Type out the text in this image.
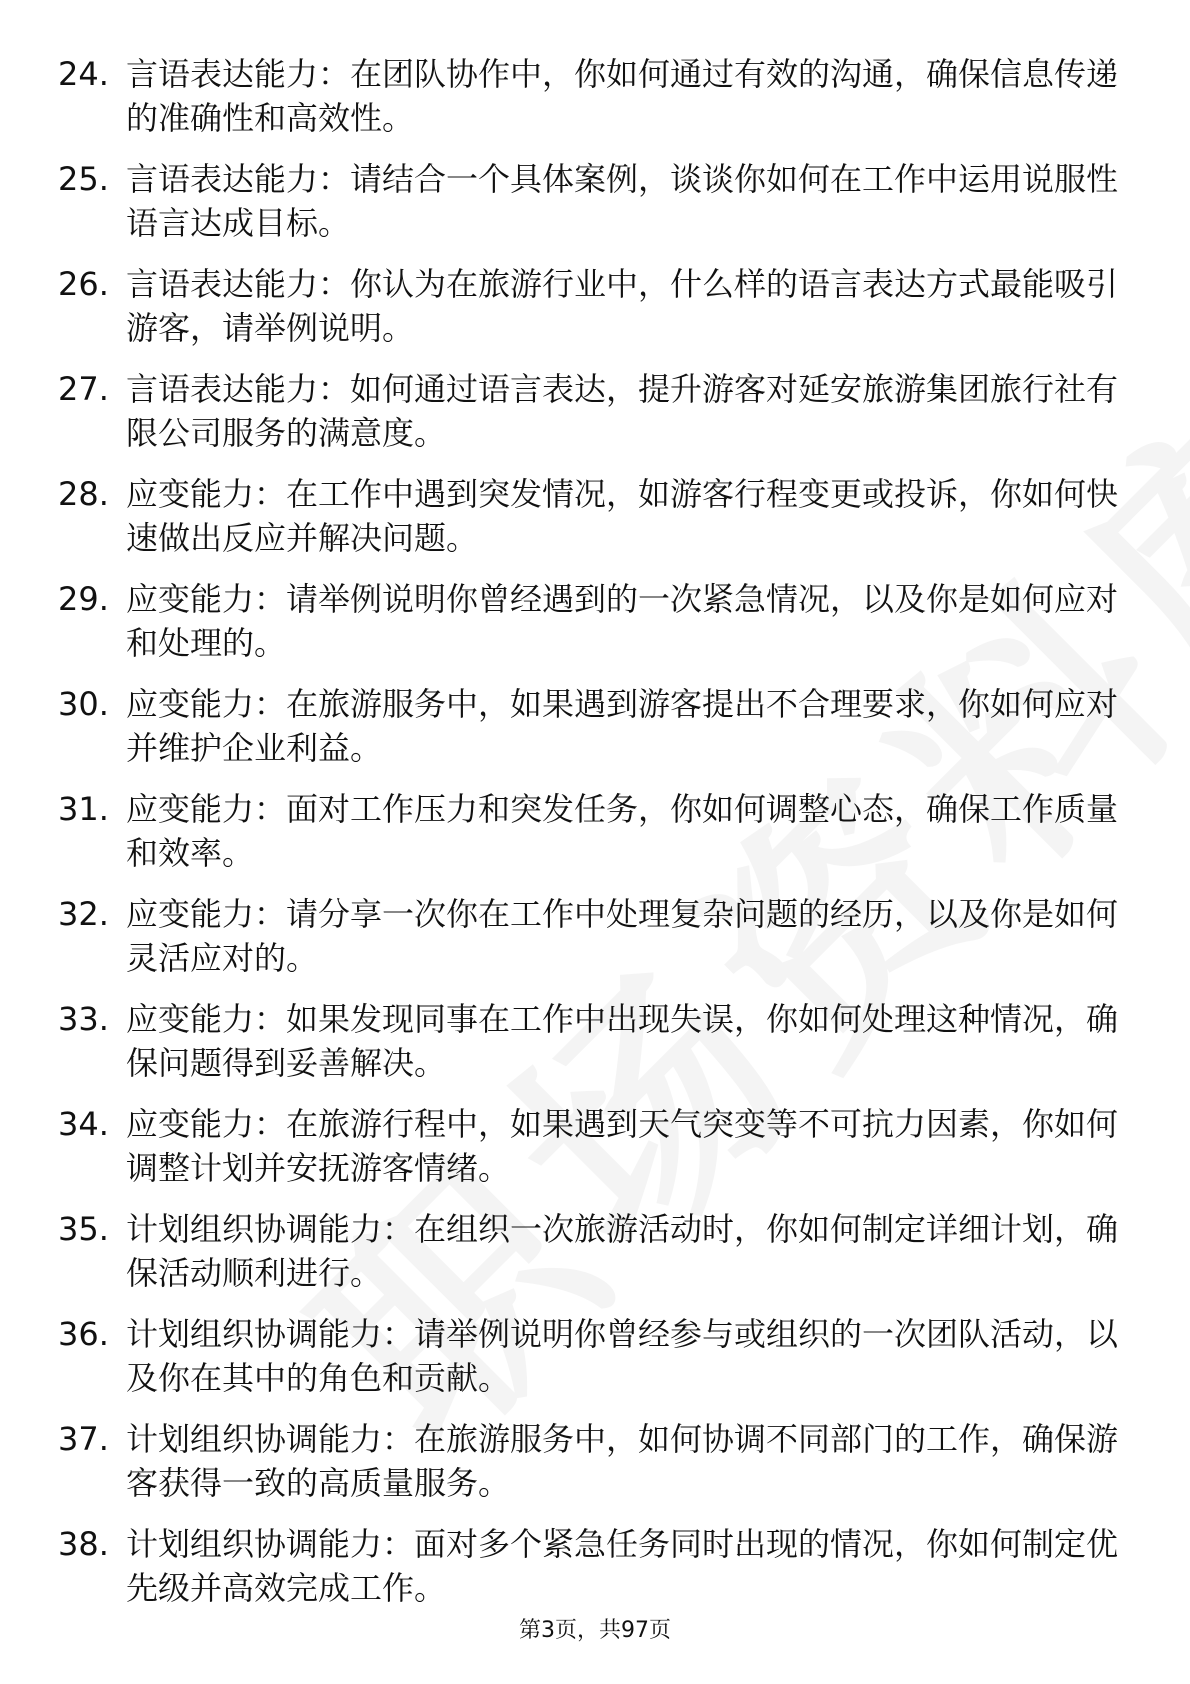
24. 言语表达能力：在团队协作中，你如何通过有效的沟通，确保信息传递的准确性和高效性。
25. 言语表达能力：请结合一个具体案例，谈谈你如何在工作中运用说服性语言达成目标。
26. 言语表达能力：你认为在旅游行业中，什么样的语言表达方式最能吸引游客，请举例说明。
27. 言语表达能力：如何通过语言表达，提升游客对延安旅游集团旅行社有限公司服务的满意度。
28. 应变能力：在工作中遇到突发情况，如游客行程变更或投诉，你如何快速做出反应并解决问题。
29. 应变能力：请举例说明你曾经遇到的一次紧急情况，以及你是如何应对和处理的。
30. 应变能力：在旅游服务中，如果遇到游客提出不合理要求，你如何应对并维护企业利益。
31. 应变能力：面对工作压力和突发任务，你如何调整心态，确保工作质量和效率。
32. 应变能力：请分享一次你在工作中处理复杂问题的经历，以及你是如何灵活应对的。
33. 应变能力：如果发现同事在工作中出现失误，你如何处理这种情况，确保问题得到妥善解决。
34. 应变能力：在旅游行程中，如果遇到天气突变等不可抗力因素，你如何调整计划并安抚游客情绪。
35. 计划组织协调能力：在组织一次旅游活动时，你如何制定详细计划，确保活动顺利进行。
36. 计划组织协调能力：请举例说明你曾经参与或组织的一次团队活动，以及你在其中的角色和贡献。
37. 计划组织协调能力：在旅游服务中，如何协调不同部门的工作，确保游客获得一致的高质量服务。
38. 计划组织协调能力：面对多个紧急任务同时出现的情况，你如何制定优先级并高效完成工作。
第3页，共97页
